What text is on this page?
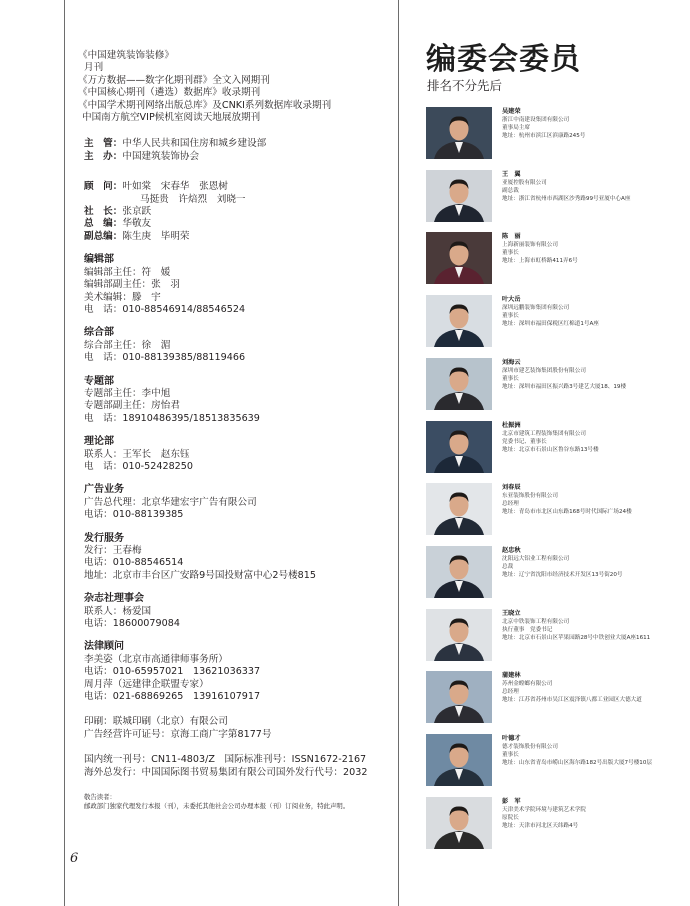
《中国建筑装饰装修》
月刊
《万方数据——数字化期刊群》全文入网期刊
《中国核心期刊（遴选）数据库》收录期刊
《中国学术期刊网络出版总库》及CNKI系列数据库收录期刊
中国南方航空VIP候机室阅读天地展放期刊
主　管：中华人民共和国住房和城乡建设部
主　办：中国建筑装饰协会
顾　问：叶如棠　宋春华　张恩树
马挺贵　许焙烈　刘晓一
社　长：张京跃
总　编：华敬友
副总编：陈生庚　毕明荣
编辑部
编辑部主任：符　媛
编辑部副主任：张　羽
美术编辑：滕　宇
电　话：010-88546914/88546524
综合部
综合部主任：徐　湄
电　话：010-88139385/88119466
专题部
专题部主任：李中旭
专题部副主任：房怡君
电　话：18910486395/18513835639
理论部
联系人：王军长　赵东钰
电　话：010-52428250
广告业务
广告总代理：北京华建宏宇广告有限公司
电话：010-88139385
发行服务
发行：王春梅
电话：010-88546514
地址：北京市丰台区广安路9号国投财富中心2号楼815
杂志社理事会
联系人：杨爱国
电话：18600079084
法律顾问
李美姿（北京市高通律师事务所）
电话：010-65957021　13621036337
周月萍（远建律企联盟专家）
电话：021-68869265　13916107917
印刷：联城印刷（北京）有限公司
广告经营许可证号：京海工商广字第8177号
国内统一刊号：CN11-4803/Z　国际标准刊号：ISSN1672-2167
海外总发行：中国国际图书贸易集团有限公司国外发行代号：2032
敬告读者：
邮政部门独家代理发行本报（刊），未委托其他社会公司办理本报（刊）订阅业务，特此声明。
6
编委会委员
排名不分先后
吴建荣
浙江中南建设集团有限公司
董事局主席
地址：杭州市滨江区滨康路245号
王　翼
亚厦控股有限公司
副总裁
地址：浙江省杭州市西湖区沙秀路99号亚厦中心A座
陈　丽
上海新丽装饰有限公司
董事长
地址：上海市虹桥路411弄6号
叶大岳
深圳远鹏装饰集团有限公司
董事长
地址：深圳市福田保税区红棉道1号A座
刘海云
深圳市建艺装饰集团股份有限公司
董事长
地址：深圳市福田区振兴路3号建艺大厦18、19楼
杜振洲
北京市建筑工程装饰集团有限公司
党委书记、董事长
地址：北京市石景山区鲁谷东路13号楼
刘春辰
东亚装饰股份有限公司
总经理
地址：青岛市市北区山东路168号时代国际广场24楼
赵忠秋
沈阳远大铝业工程有限公司
总裁
地址：辽宁省沈阳市经济技术开发区13号街20号
王晓立
北京中铁装饰工程有限公司
执行董事　党委书记
地址：北京市石景山区苹果园路28号中铁创业大厦A座1611
蒲建林
苏州金螳螂有限公司
总经理
地址：江苏省苏州市吴江区震泽镇八都工业园区大德大道
叶德才
德才装饰股份有限公司
董事长
地址：山东省青岛市崂山区海尔路182号出版大厦7号楼10层
彭　军
天津美术学院环境与建筑艺术学院
原院长
地址：天津市河北区天纬路4号
